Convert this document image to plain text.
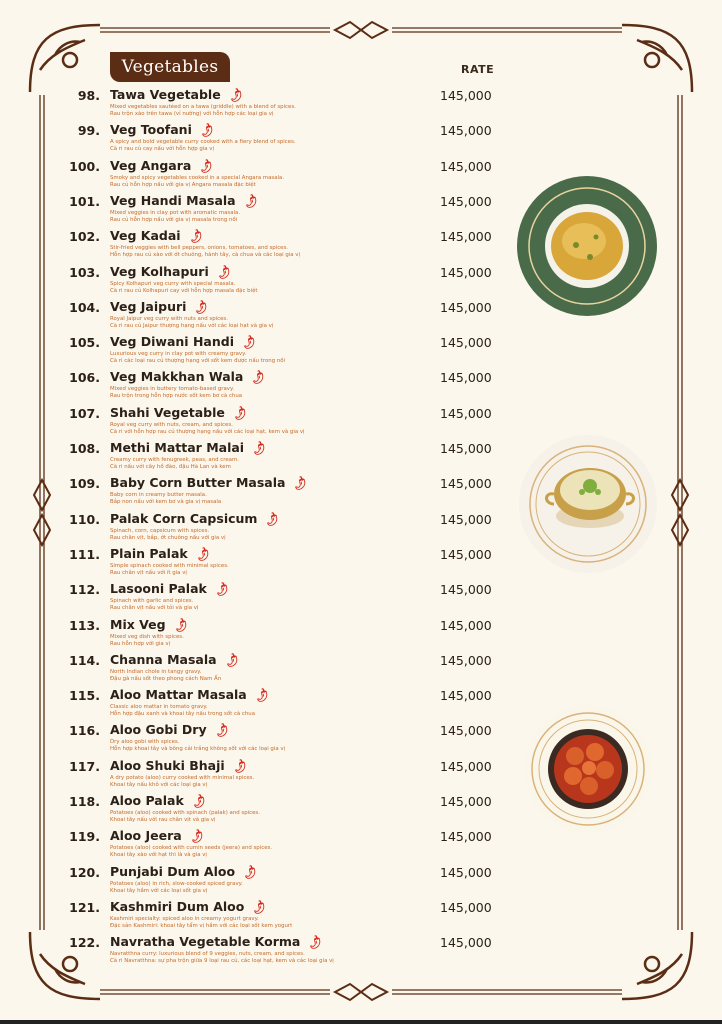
Vegetables	RATE
98. Tawa Vegetable 🌶
Mixed vegetables sautéed on a tawa (griddle) with a blend of spices.
Rau trộn xào trên tawa (vỉ nướng) với hỗn hợp các loại gia vị
145,000
99. Veg Toofani 🌶
A spicy and bold vegetable curry cooked with a fiery blend of spices.
Cà ri rau củ cay nấu với hỗn hợp gia vị
145,000
100. Veg Angara 🌶
Smoky and spicy vegetables cooked in a special Angara masala.
Rau củ hỗn hợp nấu với gia vị Angara masala đặc biệt
145,000
101. Veg Handi Masala 🌶
Mixed veggies in clay pot with aromatic masala.
Rau củ hỗn hợp nấu với gia vị masala trong nồi
145,000
102. Veg Kadai 🌶
Stir-fried veggies with bell peppers, onions, tomatoes, and spices.
Hỗn hợp rau củ xào với ớt chuông, hành tây, cà chua và các loại gia vị
145,000
103. Veg Kolhapuri 🌶
Spicy Kolhapuri veg curry with special masala.
Cà ri rau củ Kolhapuri cay với hỗn hợp masala đặc biệt
145,000
104. Veg Jaipuri 🌶
Royal Jaipur veg curry with nuts and spices.
Cà ri rau củ Jaipur thượng hạng nấu với các loại hạt và gia vị
145,000
105. Veg Diwani Handi 🌶
Luxurious veg curry in clay pot with creamy gravy.
Cà ri các loại rau củ thượng hạng với sốt kem được nấu trong nồi
145,000
106. Veg Makkhan Wala 🌶
Mixed veggies in buttery tomato-based gravy.
Rau trộn trong hỗn hợp nước sốt kem bơ cà chua
145,000
107. Shahi Vegetable 🌶
Royal veg curry with nuts, cream, and spices.
Cà ri với hỗn hợp rau củ thượng hạng nấu với các loại hạt, kem và gia vị
145,000
108. Methi Mattar Malai 🌶
Creamy curry with fenugreek, peas, and cream.
Cà ri nấu với cây hồ đào, đậu Hà Lan và kem
145,000
109. Baby Corn Butter Masala 🌶
Baby corn in creamy butter masala.
Bắp non nấu với kem bơ và gia vị masala
145,000
110. Palak Corn Capsicum 🌶
Spinach, corn, capsicum with spices.
Rau chân vịt, bắp, ớt chuông nấu với gia vị
145,000
111. Plain Palak 🌶
Simple spinach cooked with minimal spices.
Rau chân vịt nấu với ít gia vị
145,000
112. Lasooni Palak 🌶
Spinach with garlic and spices.
Rau chân vịt nấu với tỏi và gia vị
145,000
113. Mix Veg 🌶
Mixed veg dish with spices.
Rau hỗn hợp với gia vị
145,000
114. Channa Masala 🌶
North Indian chole in tangy gravy.
Đậu gà nấu sốt theo phong cách Nam Ấn
145,000
115. Aloo Mattar Masala 🌶
Classic aloo mattar in tomato gravy.
Hỗn hợp đậu xanh và khoai tây nấu trong sốt cà chua
145,000
116. Aloo Gobi Dry 🌶
Dry aloo gobi with spices.
Hỗn hợp khoai tây và bông cải trắng không sốt với các loại gia vị
145,000
117. Aloo Shuki Bhaji 🌶
A dry potato (aloo) curry cooked with minimal spices.
Khoai tây nấu khô với các loại gia vị
145,000
118. Aloo Palak 🌶
Potatoes (aloo) cooked with spinach (palak) and spices.
Khoai tây nấu với rau chân vịt và gia vị
145,000
119. Aloo Jeera 🌶
Potatoes (aloo) cooked with cumin seeds (jeera) and spices.
Khoai tây xào với hạt thì là và gia vị
145,000
120. Punjabi Dum Aloo 🌶
Potatoes (aloo) in rich, slow-cooked spiced gravy.
Khoai tây hầm với các loại sốt gia vị
145,000
121. Kashmiri Dum Aloo 🌶
Kashmiri specialty: spiced aloo in creamy yogurt gravy.
Đặc sản Kashmiri: khoai tây tẩm vị hầm với các loại sốt kem yogurt
145,000
122. Navratha Vegetable Korma 🌶
Navratthna curry: luxurious blend of 9 veggies, nuts, cream, and spices.
Cà ri Navratthna: sự pha trộn giữa 9 loại rau củ, các loại hạt, kem và các loại gia vị
145,000
